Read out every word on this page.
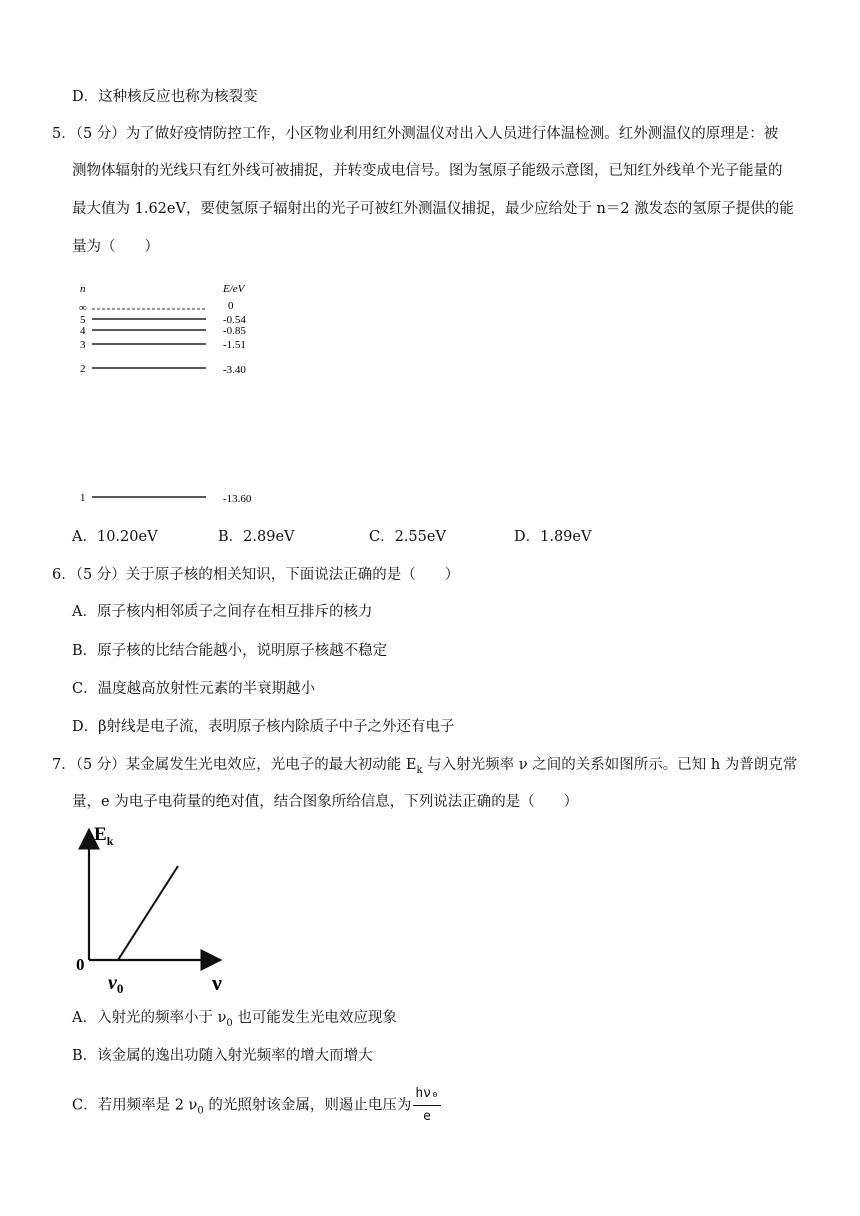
D．这种核反应也称为核裂变
5．（5 分）为了做好疫情防控工作，小区物业利用红外测温仪对出入人员进行体温检测。红外测温仪的原理是：被
测物体辐射的光线只有红外线可被捕捉，并转变成电信号。图为氢原子能级示意图，已知红外线单个光子能量的
最大值为 1.62eV，要使氢原子辐射出的光子可被红外测温仪捕捉，最少应给处于 n＝2 激发态的氢原子提供的能
量为（　　）
n	E/eV
∞	0
5	-0.54
4	-0.85
3	-1.51
2	-3.40
1	-13.60
A．10.20eV	B．2.89eV	C．2.55eV	D．1.89eV
6．（5 分）关于原子核的相关知识，下面说法正确的是（　　）
A．原子核内相邻质子之间存在相互排斥的核力
B．原子核的比结合能越小，说明原子核越不稳定
C．温度越高放射性元素的半衰期越小
D．β射线是电子流，表明原子核内除质子中子之外还有电子
7．（5 分）某金属发生光电效应，光电子的最大初动能 $E_k$ 与入射光频率 ν 之间的关系如图所示。已知 h 为普朗克常
量，e 为电子电荷量的绝对值，结合图象所给信息，下列说法正确的是（　　）
$E_k$
0
$\nu_0$	ν
A．入射光的频率小于 $\nu_0$ 也可能发生光电效应现象
B．该金属的逸出功随入射光频率的增大而增大
C．若用频率是 2 $\nu_0$ 的光照射该金属，则遏止电压为 $\frac{\text{hν₀}}{e}$
